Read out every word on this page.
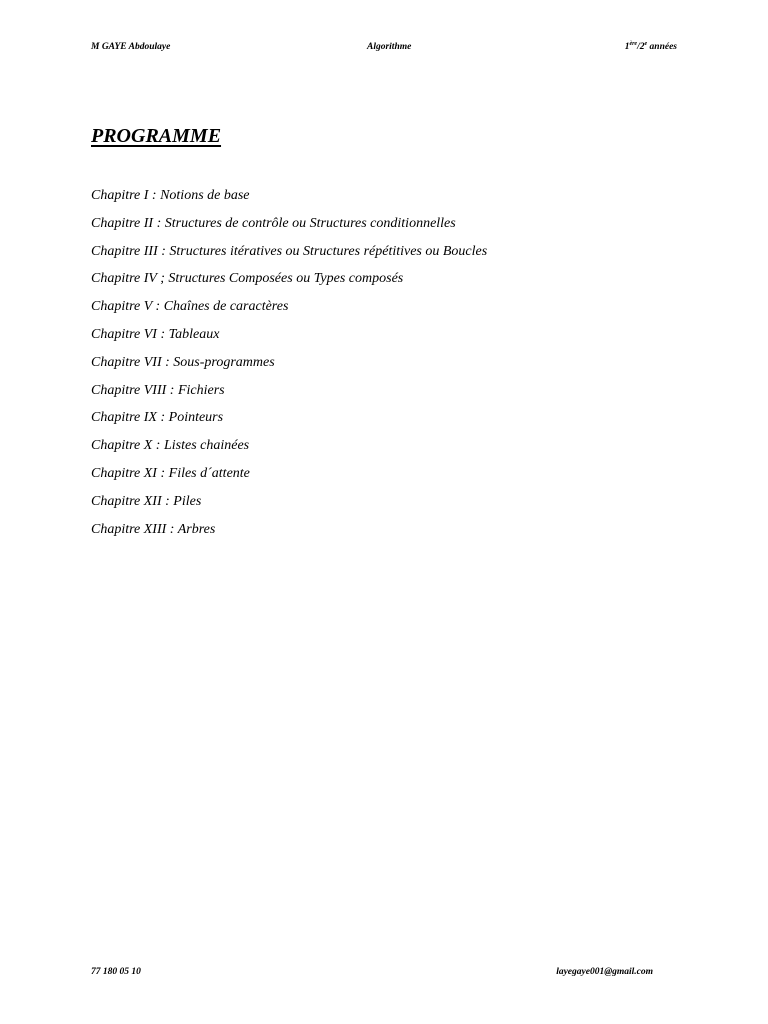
M GAYE Abdoulaye	Algorithme	1ère/2e années
PROGRAMME
Chapitre I : Notions de base
Chapitre II : Structures de contrôle ou Structures conditionnelles
Chapitre III : Structures itératives ou Structures répétitives ou Boucles
Chapitre IV ; Structures Composées ou Types composés
Chapitre V : Chaînes de caractères
Chapitre VI : Tableaux
Chapitre VII : Sous-programmes
Chapitre VIII : Fichiers
Chapitre IX : Pointeurs
Chapitre X : Listes chainées
Chapitre XI : Files d´attente
Chapitre XII : Piles
Chapitre XIII : Arbres
77 180 05 10	layegaye001@gmail.com
